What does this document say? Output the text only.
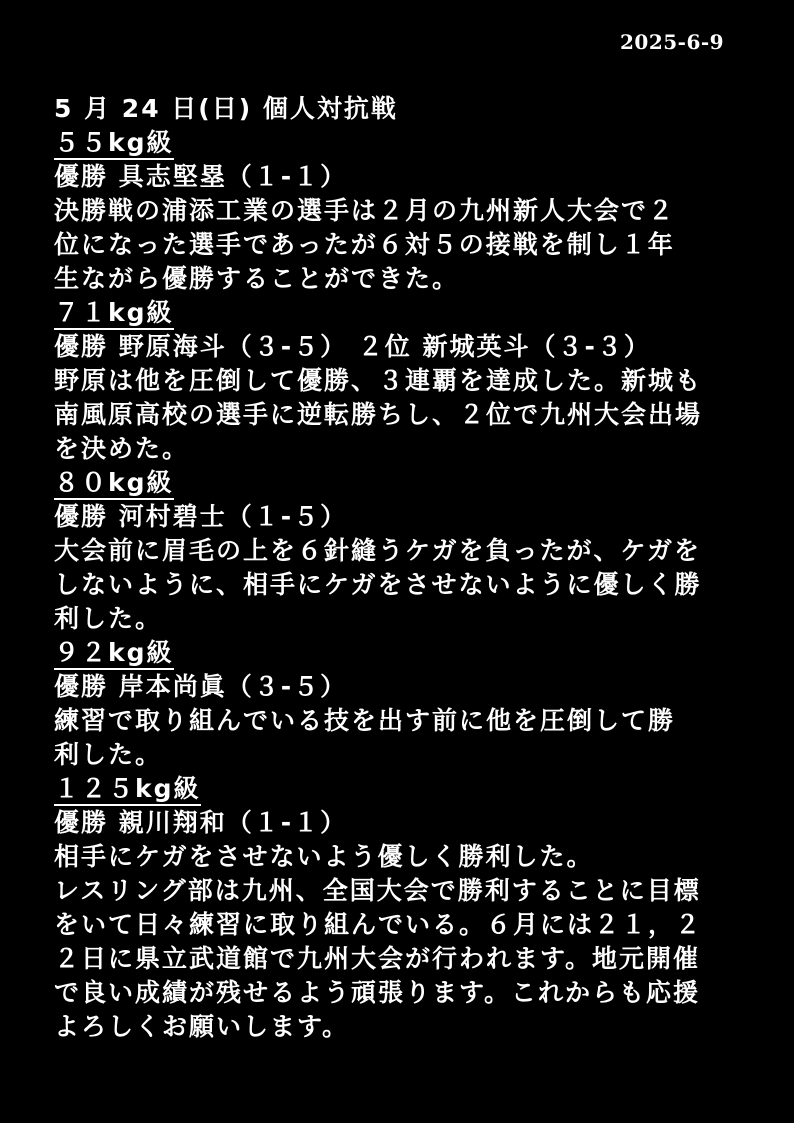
2025-6-9
5 月 24 日(日) 個人対抗戦
５５kg級
優勝 具志堅塁（１-１）
決勝戦の浦添工業の選手は２月の九州新人大会で２
位になった選手であったが６対５の接戦を制し１年
生ながら優勝することができた。
７１kg級
優勝 野原海斗（３-５） ２位 新城英斗（３-３）
野原は他を圧倒して優勝、３連覇を達成した。新城も
南風原高校の選手に逆転勝ちし、２位で九州大会出場
を決めた。
８０kg級
優勝 河村碧士（１-５）
大会前に眉毛の上を６針縫うケガを負ったが、ケガを
しないように、相手にケガをさせないように優しく勝
利した。
９２kg級
優勝 岸本尚眞（３-５）
練習で取り組んでいる技を出す前に他を圧倒して勝
利した。
１２５kg級
優勝 親川翔和（１-１）
相手にケガをさせないよう優しく勝利した。
レスリング部は九州、全国大会で勝利することに目標
をいて日々練習に取り組んでいる。６月には２１，２
２日に県立武道館で九州大会が行われます。地元開催
で良い成績が残せるよう頑張ります。これからも応援
よろしくお願いします。
